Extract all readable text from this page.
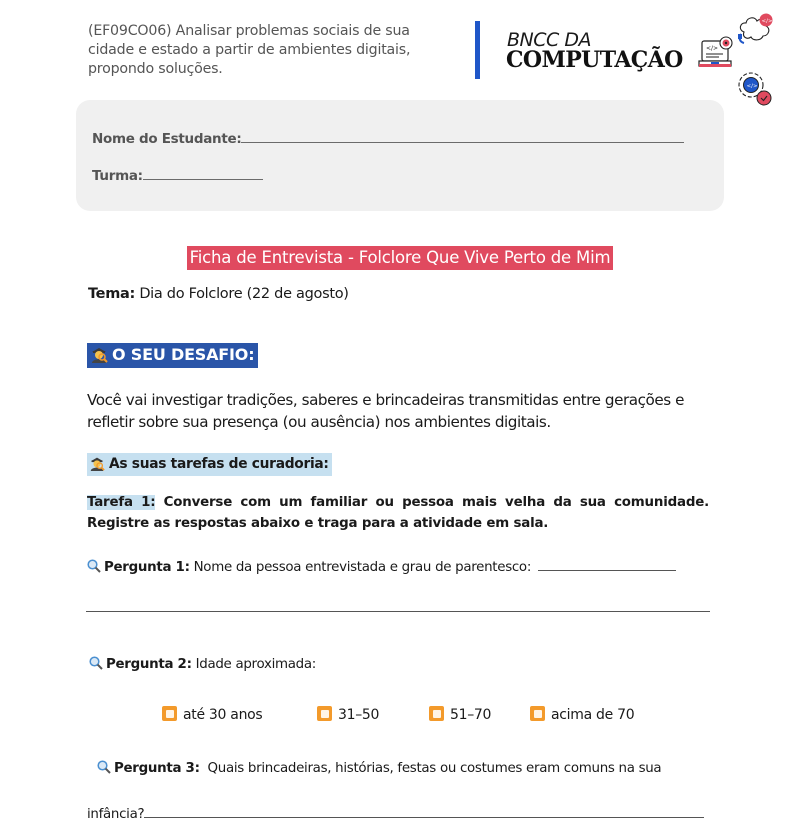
(EF09CO06) Analisar problemas sociais de sua cidade e estado a partir de ambientes digitais, propondo soluções.
BNCC DA
COMPUTAÇÃO	</>
</>
</>
Nome do Estudante:
Turma:
Ficha de Entrevista - Folclore Que Vive Perto de Mim
Tema: Dia do Folclore (22 de agosto)
O SEU DESAFIO:
Você vai investigar tradições, saberes e brincadeiras transmitidas entre gerações e refletir sobre sua presença (ou ausência) nos ambientes digitais.
As suas tarefas de curadoria:
Tarefa 1: Converse com um familiar ou pessoa mais velha da sua comunidade. Registre as respostas abaixo e traga para a atividade em sala.
Pergunta 1: Nome da pessoa entrevistada e grau de parentesco:
Pergunta 2: Idade aproximada:
até 30 anos	31–50	51–70	acima de 70
Pergunta 3: Quais brincadeiras, histórias, festas ou costumes eram comuns na sua
infância?
